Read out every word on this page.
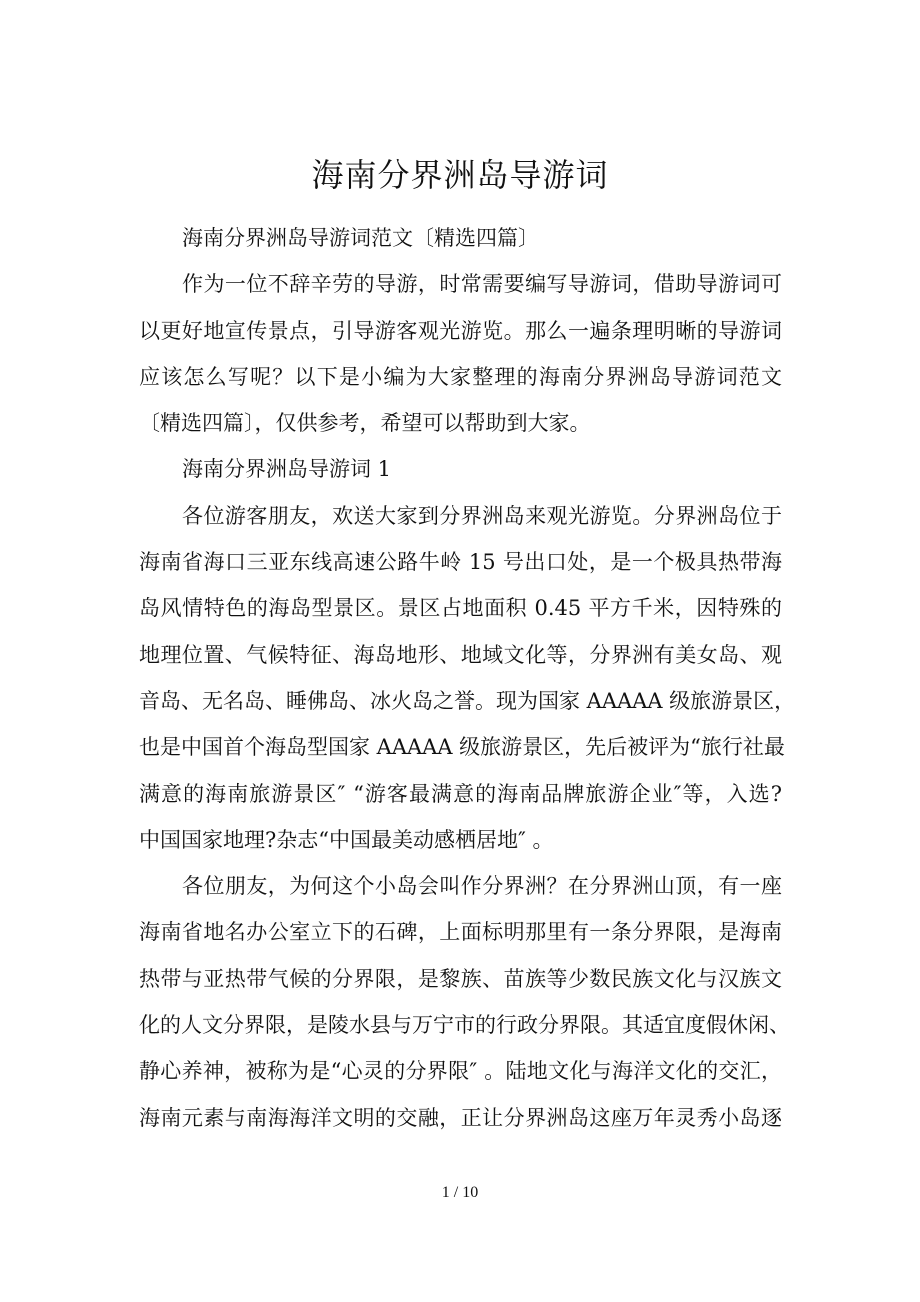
海南分界洲岛导游词
海南分界洲岛导游词范文〔精选四篇〕
作为一位不辞辛劳的导游，时常需要编写导游词，借助导游词可
以更好地宣传景点，引导游客观光游览。那么一遍条理明晰的导游词
应该怎么写呢？以下是小编为大家整理的海南分界洲岛导游词范文
〔精选四篇〕，仅供参考，希望可以帮助到大家。
海南分界洲岛导游词 1
各位游客朋友，欢送大家到分界洲岛来观光游览。分界洲岛位于
海南省海口三亚东线高速公路牛岭 15 号出口处，是一个极具热带海
岛风情特色的海岛型景区。景区占地面积 0.45 平方千米，因特殊的
地理位置、气候特征、海岛地形、地域文化等，分界洲有美女岛、观
音岛、无名岛、睡佛岛、冰火岛之誉。现为国家 AAAAA 级旅游景区，
也是中国首个海岛型国家 AAAAA 级旅游景区，先后被评为“旅行社最
满意的海南旅游景区″ “游客最满意的海南品牌旅游企业″等，入选?
中国国家地理?杂志“中国最美动感栖居地″ 。
各位朋友，为何这个小岛会叫作分界洲？在分界洲山顶，有一座
海南省地名办公室立下的石碑，上面标明那里有一条分界限，是海南
热带与亚热带气候的分界限，是黎族、苗族等少数民族文化与汉族文
化的人文分界限，是陵水县与万宁市的行政分界限。其适宜度假休闲、
静心养神，被称为是“心灵的分界限″ 。陆地文化与海洋文化的交汇，
海南元素与南海海洋文明的交融，正让分界洲岛这座万年灵秀小岛逐
1 / 10
